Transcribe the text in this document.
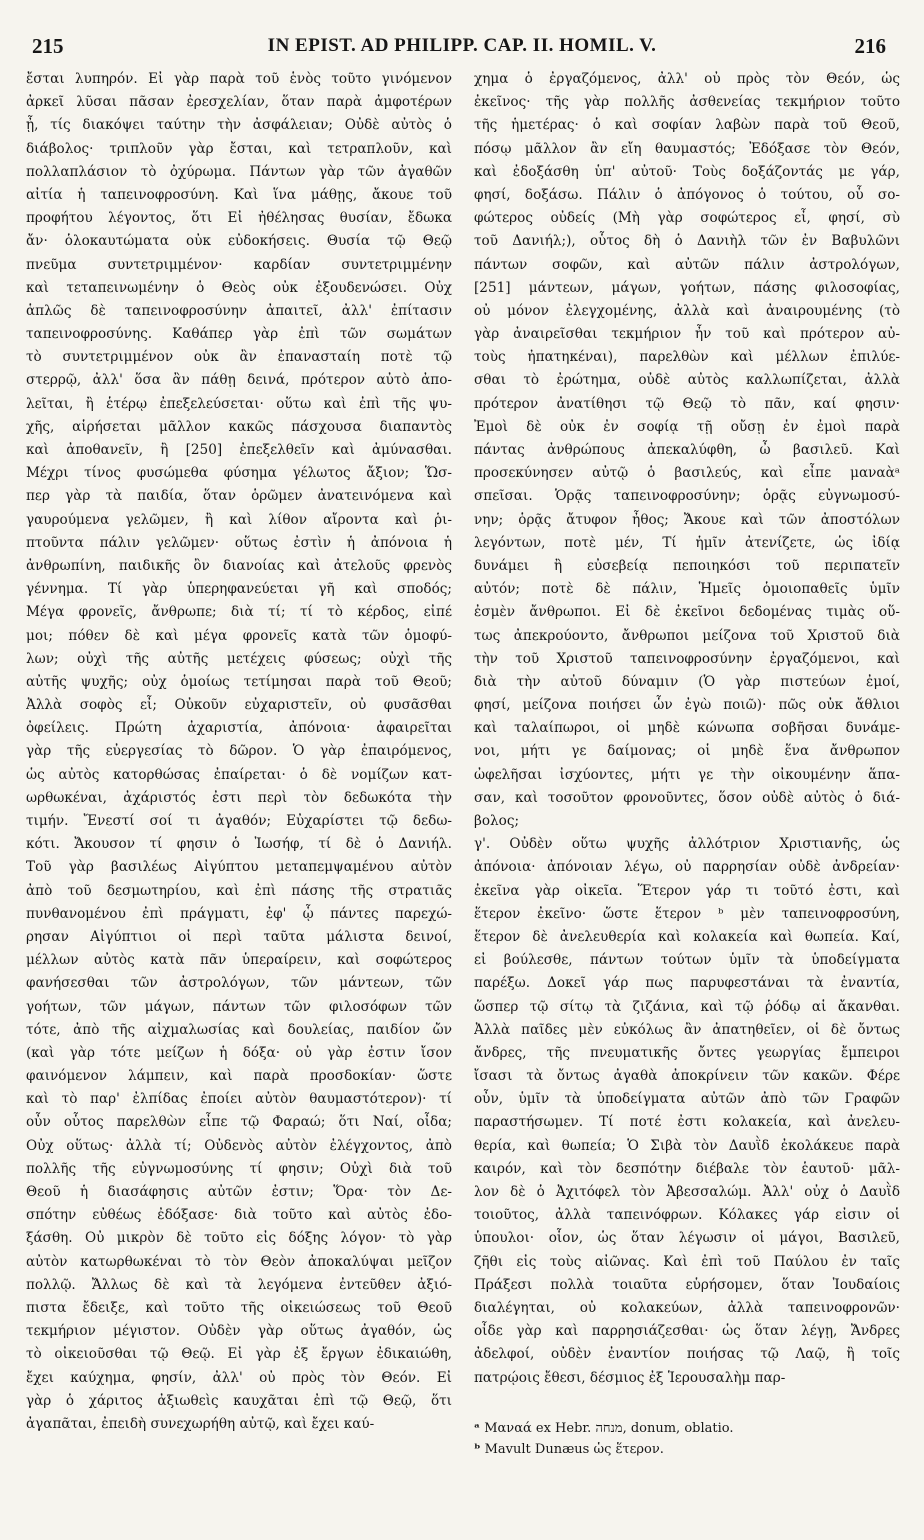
215	IN EPIST. AD PHILIPP. CAP. II. HOMIL. V.	216
ἔσται λυπηρόν. Εἰ γὰρ παρὰ τοῦ ἑνὸς τοῦτο γινόμενον
ἀρκεῖ λῦσαι πᾶσαν ἐρεσχελίαν, ὅταν παρὰ ἀμφοτέρων
ᾖ, τίς διακόψει ταύτην τὴν ἀσφάλειαν; Οὐδὲ αὐτὸς ὁ
διάβολος· τριπλοῦν γὰρ ἔσται, καὶ τετραπλοῦν, καὶ
πολλαπλάσιον τὸ ὀχύρωμα. Πάντων γὰρ τῶν ἀγαθῶν
αἰτία ἡ ταπεινοφροσύνη. Καὶ ἵνα μάθῃς, ἄκουε τοῦ
προφήτου λέγοντος, ὅτι Εἰ ἠθέλησας θυσίαν, ἔδωκα
ἄν· ὁλοκαυτώματα οὐκ εὐδοκήσεις. Θυσία τῷ Θεῷ
πνεῦμα συντετριμμένον· καρδίαν συντετριμμένην
καὶ τεταπεινωμένην ὁ Θεὸς οὐκ ἐξουδενώσει. Οὐχ
ἁπλῶς δὲ ταπεινοφροσύνην ἀπαιτεῖ, ἀλλ' ἐπίτασιν
ταπεινοφροσύνης. Καθάπερ γὰρ ἐπὶ τῶν σωμάτων
τὸ συντετριμμένον οὐκ ἂν ἐπανασταίη ποτὲ τῷ
στερρῷ, ἀλλ' ὅσα ἂν πάθῃ δεινά, πρότερον αὐτὸ ἀπο-
λεῖται, ἢ ἑτέρῳ ἐπεξελεύσεται· οὕτω καὶ ἐπὶ τῆς ψυ-
χῆς, αἱρήσεται μᾶλλον κακῶς πάσχουσα διαπαντὸς
καὶ ἀποθανεῖν, ἢ [250] ἐπεξελθεῖν καὶ ἀμύνασθαι.
Μέχρι τίνος φυσώμεθα φύσημα γέλωτος ἄξιον; Ὥσ-
περ γὰρ τὰ παιδία, ὅταν ὁρῶμεν ἀνατεινόμενα καὶ
γαυρούμενα γελῶμεν, ἢ καὶ λίθον αἴροντα καὶ ῥι-
πτοῦντα πάλιν γελῶμεν· οὕτως ἐστὶν ἡ ἀπόνοια ἡ
ἀνθρωπίνη, παιδικῆς ὂν διανοίας καὶ ἀτελοῦς φρενὸς
γέννημα. Τί γὰρ ὑπερηφανεύεται γῆ καὶ σποδός;
Μέγα φρονεῖς, ἄνθρωπε; διὰ τί; τί τὸ κέρδος, εἰπέ
μοι; πόθεν δὲ καὶ μέγα φρονεῖς κατὰ τῶν ὁμοφύ-
λων; οὐχὶ τῆς αὐτῆς μετέχεις φύσεως; οὐχὶ τῆς
αὐτῆς ψυχῆς; οὐχ ὁμοίως τετίμησαι παρὰ τοῦ Θεοῦ;
Ἀλλὰ σοφὸς εἶ; Οὐκοῦν εὐχαριστεῖν, οὐ φυσᾶσθαι
ὀφείλεις. Πρώτη ἀχαριστία, ἀπόνοια· ἀφαιρεῖται
γὰρ τῆς εὐεργεσίας τὸ δῶρον. Ὁ γὰρ ἐπαιρόμενος,
ὡς αὐτὸς κατορθώσας ἐπαίρεται· ὁ δὲ νομίζων κατ-
ωρθωκέναι, ἀχάριστός ἐστι περὶ τὸν δεδωκότα τὴν
τιμήν. Ἔνεστί σοί τι ἀγαθόν; Εὐχαρίστει τῷ δεδω-
κότι. Ἄκουσον τί φησιν ὁ Ἰωσήφ, τί δὲ ὁ Δανιήλ.
Τοῦ γὰρ βασιλέως Αἰγύπτου μεταπεμψαμένου αὐτὸν
ἀπὸ τοῦ δεσμωτηρίου, καὶ ἐπὶ πάσης τῆς στρατιᾶς
πυνθανομένου ἐπὶ πράγματι, ἐφ' ᾧ πάντες παρεχώ-
ρησαν Αἰγύπτιοι οἱ περὶ ταῦτα μάλιστα δεινοί,
μέλλων αὐτὸς κατὰ πᾶν ὑπεραίρειν, καὶ σοφώτερος
φανήσεσθαι τῶν ἀστρολόγων, τῶν μάντεων, τῶν
γοήτων, τῶν μάγων, πάντων τῶν φιλοσόφων τῶν
τότε, ἀπὸ τῆς αἰχμαλωσίας καὶ δουλείας, παιδίον ὤν
(καὶ γὰρ τότε μείζων ἡ δόξα· οὐ γὰρ ἐστιν ἴσον
φαινόμενον λάμπειν, καὶ παρὰ προσδοκίαν· ὥστε
καὶ τὸ παρ' ἐλπίδας ἐποίει αὐτὸν θαυμαστότερον)· τί
οὖν οὗτος παρελθὼν εἶπε τῷ Φαραώ; ὅτι Ναί, οἶδα;
Οὐχ οὕτως· ἀλλὰ τί; Οὐδενὸς αὐτὸν ἐλέγχοντος, ἀπὸ
πολλῆς τῆς εὐγνωμοσύνης τί φησιν; Οὐχὶ διὰ τοῦ
Θεοῦ ἡ διασάφησις αὐτῶν ἐστιν; Ὅρα· τὸν Δε-
σπότην εὐθέως ἐδόξασε· διὰ τοῦτο καὶ αὐτὸς ἐδο-
ξάσθη. Οὐ μικρὸν δὲ τοῦτο εἰς δόξης λόγον· τὸ γὰρ
αὐτὸν κατωρθωκέναι τὸ τὸν Θεὸν ἀποκαλύψαι μεῖζον
πολλῷ. Ἄλλως δὲ καὶ τὰ λεγόμενα ἐντεῦθεν ἀξιό-
πιστα ἔδειξε, καὶ τοῦτο τῆς οἰκειώσεως τοῦ Θεοῦ
τεκμήριον μέγιστον. Οὐδὲν γὰρ οὕτως ἀγαθόν, ὡς
τὸ οἰκειοῦσθαι τῷ Θεῷ. Εἰ γὰρ ἐξ ἔργων ἐδικαιώθη,
ἔχει καύχημα, φησίν, ἀλλ' οὐ πρὸς τὸν Θεόν. Εἰ
γὰρ ὁ χάριτος ἀξιωθεὶς καυχᾶται ἐπὶ τῷ Θεῷ, ὅτι
ἀγαπᾶται, ἐπειδὴ συνεχωρήθη αὐτῷ, καὶ ἔχει καύ-
χημα ὁ ἐργαζόμενος, ἀλλ' οὐ πρὸς τὸν Θεόν, ὡς
ἐκεῖνος· τῆς γὰρ πολλῆς ἀσθενείας τεκμήριον τοῦτο
τῆς ἡμετέρας· ὁ καὶ σοφίαν λαβὼν παρὰ τοῦ Θεοῦ,
πόσῳ μᾶλλον ἂν εἴη θαυμαστός; Ἐδόξασε τὸν Θεόν,
καὶ ἐδοξάσθη ὑπ' αὐτοῦ· Τοὺς δοξάζοντάς με γάρ,
φησί, δοξάσω. Πάλιν ὁ ἀπόγονος ὁ τούτου, οὗ σο-
φώτερος οὐδείς (Μὴ γὰρ σοφώτερος εἶ, φησί, σὺ
τοῦ Δανιήλ;), οὗτος δὴ ὁ Δανιὴλ τῶν ἐν Βαβυλῶνι
πάντων σοφῶν, καὶ αὐτῶν πάλιν ἀστρολόγων,
[251] μάντεων, μάγων, γοήτων, πάσης φιλοσοφίας,
οὐ μόνον ἐλεγχομένης, ἀλλὰ καὶ ἀναιρουμένης (τὸ
γὰρ ἀναιρεῖσθαι τεκμήριον ἦν τοῦ καὶ πρότερον αὐ-
τοὺς ἠπατηκέναι), παρελθὼν καὶ μέλλων ἐπιλύε-
σθαι τὸ ἐρώτημα, οὐδὲ αὐτὸς καλλωπίζεται, ἀλλὰ
πρότερον ἀνατίθησι τῷ Θεῷ τὸ πᾶν, καί φησιν·
Ἐμοὶ δὲ οὐκ ἐν σοφίᾳ τῇ οὔσῃ ἐν ἐμοὶ παρὰ
πάντας ἀνθρώπους ἀπεκαλύφθη, ὦ βασιλεῦ. Καὶ
προσεκύνησεν αὐτῷ ὁ βασιλεύς, καὶ εἶπε μαναὰᵃ
σπεῖσαι. Ὁρᾷς ταπεινοφροσύνην; ὁρᾷς εὐγνωμοσύ-
νην; ὁρᾷς ἄτυφον ἦθος; Ἄκουε καὶ τῶν ἀποστόλων
λεγόντων, ποτὲ μέν, Τί ἡμῖν ἀτενίζετε, ὡς ἰδίᾳ
δυνάμει ἢ εὐσεβείᾳ πεποιηκόσι τοῦ περιπατεῖν
αὐτόν; ποτὲ δὲ πάλιν, Ἡμεῖς ὁμοιοπαθεῖς ὑμῖν
ἐσμὲν ἄνθρωποι. Εἰ δὲ ἐκεῖνοι δεδομένας τιμὰς οὕ-
τως ἀπεκρούοντο, ἄνθρωποι μείζονα τοῦ Χριστοῦ διὰ
τὴν τοῦ Χριστοῦ ταπεινοφροσύνην ἐργαζόμενοι, καὶ
διὰ τὴν αὐτοῦ δύναμιν (Ὁ γὰρ πιστεύων ἐμοί,
φησί, μείζονα ποιήσει ὧν ἐγὼ ποιῶ)· πῶς οὐκ ἄθλιοι
καὶ ταλαίπωροι, οἱ μηδὲ κώνωπα σοβῆσαι δυνάμε-
νοι, μήτι γε δαίμονας; οἱ μηδὲ ἕνα ἄνθρωπον
ὠφελῆσαι ἰσχύοντες, μήτι γε τὴν οἰκουμένην ἅπα-
σαν, καὶ τοσοῦτον φρονοῦντες, ὅσον οὐδὲ αὐτὸς ὁ διά-
βολος;
γ'. Οὐδὲν οὕτω ψυχῆς ἀλλότριον Χριστιανῆς, ὡς
ἀπόνοια· ἀπόνοιαν λέγω, οὐ παρρησίαν οὐδὲ ἀνδρείαν·
ἐκεῖνα γὰρ οἰκεῖα. Ἕτερον γάρ τι τοῦτό ἐστι, καὶ
ἕτερον ἐκεῖνο· ὥστε ἕτερον ᵇ μὲν ταπεινοφροσύνη,
ἕτερον δὲ ἀνελευθερία καὶ κολακεία καὶ θωπεία. Καί,
εἰ βούλεσθε, πάντων τούτων ὑμῖν τὰ ὑποδείγματα
παρέξω. Δοκεῖ γάρ πως παρυφεστάναι τὰ ἐναντία,
ὥσπερ τῷ σίτῳ τὰ ζιζάνια, καὶ τῷ ῥόδῳ αἱ ἄκανθαι.
Ἀλλὰ παῖδες μὲν εὐκόλως ἂν ἀπατηθεῖεν, οἱ δὲ ὄντως
ἄνδρες, τῆς πνευματικῆς ὄντες γεωργίας ἔμπειροι
ἴσασι τὰ ὄντως ἀγαθὰ ἀποκρίνειν τῶν κακῶν. Φέρε
οὖν, ὑμῖν τὰ ὑποδείγματα αὐτῶν ἀπὸ τῶν Γραφῶν
παραστήσωμεν. Τί ποτέ ἐστι κολακεία, καὶ ἀνελευ-
θερία, καὶ θωπεία; Ὁ Σιβὰ τὸν Δαυῒδ ἐκολάκευε παρὰ
καιρόν, καὶ τὸν δεσπότην διέβαλε τὸν ἑαυτοῦ· μᾶλ-
λον δὲ ὁ Ἀχιτόφελ τὸν Ἀβεσσαλώμ. Ἀλλ' οὐχ ὁ Δαυῒδ
τοιοῦτος, ἀλλὰ ταπεινόφρων. Κόλακες γάρ εἰσιν οἱ
ὑπουλοι· οἷον, ὡς ὅταν λέγωσιν οἱ μάγοι, Βασιλεῦ,
ζῆθι εἰς τοὺς αἰῶνας. Καὶ ἐπὶ τοῦ Παύλου ἐν ταῖς
Πράξεσι πολλὰ τοιαῦτα εὑρήσομεν, ὅταν Ἰουδαίοις
διαλέγηται, οὐ κολακεύων, ἀλλὰ ταπεινοφρονῶν·
οἶδε γὰρ καὶ παρρησιάζεσθαι· ὡς ὅταν λέγῃ, Ἄνδρες
ἀδελφοί, οὐδὲν ἐναντίον ποιήσας τῷ Λαῷ, ἢ τοῖς
πατρῴοις ἔθεσι, δέσμιος ἐξ Ἱερουσαλὴμ παρ-
ᵃ Μαναά ex Hebr. מנחה, donum, oblatio.
ᵇ Mavult Dunæus ὡς ἕτερον.
